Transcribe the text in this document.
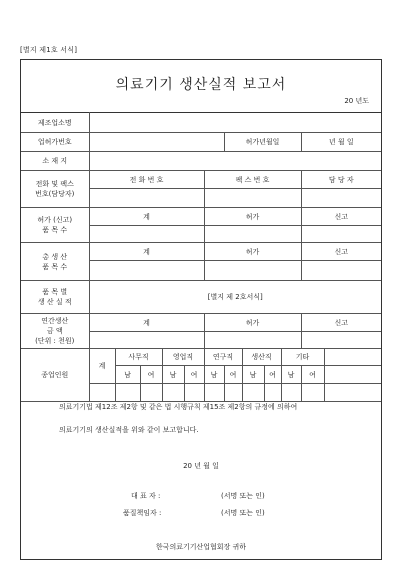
[별지 제1호 서식]
의료기기 생산실적 보고서
20 년도
제조업소명												
업허가번호							허가년월일				년 월 일	
소 재 지												

전화 및 팩스
번호(담당자)	전 화 번 호					팩 스 번 호					담 당 자	

허가 (신고)
품 목 수	계					허가					신고	

총 생 산
품 목 수	계					허가					신고	

품 목 별
생 산 실 적	[별지 제 2호서식]											

연간생산
금 액
(단위 : 천원)	계					허가					신고	

종업인원	계	사무직		영업직		연구직		생산직		기타		
		남	여	남	여	남	여	남	여	남	여	

의료기기법 제12조 제2항 및 같은 법 시행규칙 제15조 제2항의 규정에 의하여
의료기기의 생산실적을 위와 같이 보고합니다.
20 년 월 일
대 표 자 :	(서명 또는 인)
품질책임자 :	(서명 또는 인)
한국의료기기산업협회장 귀하
